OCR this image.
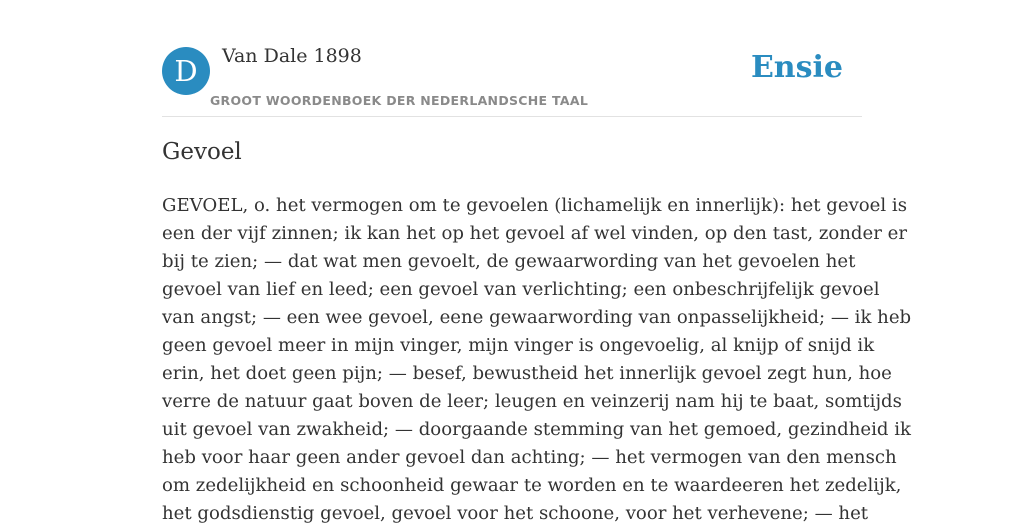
D	Van Dale 1898
GROOT WOORDENBOEK DER NEDERLANDSCHE TAAL
Ensie
Gevoel

GEVOEL, o. het vermogen om te gevoelen (lichamelijk en innerlijk): het gevoel is
een der vijf zinnen; ik kan het op het gevoel af wel vinden, op den tast, zonder er
bij te zien; — dat wat men gevoelt, de gewaarwording van het gevoelen het
gevoel van lief en leed; een gevoel van verlichting; een onbeschrijfelijk gevoel
van angst; — een wee gevoel, eene gewaarwording van onpasselijkheid; — ik heb
geen gevoel meer in mijn vinger, mijn vinger is ongevoelig, al knijp of snijd ik
erin, het doet geen pijn; — besef, bewustheid het innerlijk gevoel zegt hun, hoe
verre de natuur gaat boven de leer; leugen en veinzerij nam hij te baat, somtijds
uit gevoel van zwakheid; — doorgaande stemming van het gemoed, gezindheid ik
heb voor haar geen ander gevoel dan achting; — het vermogen van den mensch
om zedelijkheid en schoonheid gewaar te worden en te waardeeren het zedelijk,
het godsdienstig gevoel, gevoel voor het schoone, voor het verhevene; — het
